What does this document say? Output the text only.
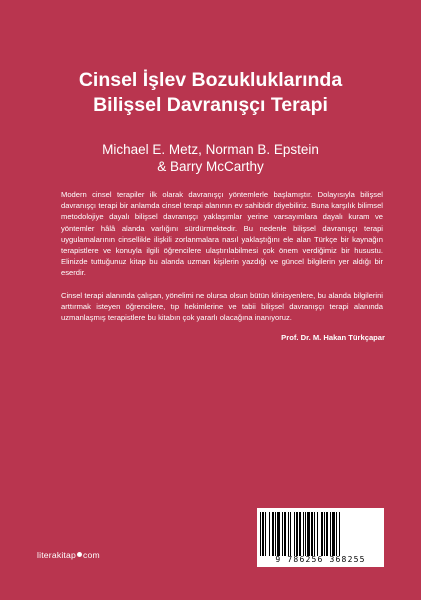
Cinsel İşlev Bozukluklarında
Bilişsel Davranışçı Terapi
Michael E. Metz, Norman B. Epstein
& Barry McCarthy

Modern cinsel terapiler ilk olarak davranışçı yöntemlerle başlamıştır. Dolayısıyla bilişsel davranışçı terapi bir anlamda cinsel terapi alanının ev sahibidir diyebiliriz. Buna karşılık bilimsel metodolojiye dayalı bilişsel davranışçı yaklaşımlar yerine varsayımlara dayalı kuram ve yöntemler hâlâ alanda varlığını sürdürmektedir. Bu nedenle bilişsel davranışçı terapi uygulamalarının cinsellikle ilişkili zorlanmalara nasıl yaklaştığını ele alan Türkçe bir kaynağın terapistlere ve konuyla ilgili öğrencilere ulaştırılabilmesi çok önem verdiğimiz bir husustu. Elinizde tuttuğunuz kitap bu alanda uzman kişilerin yazdığı ve güncel bilgilerin yer aldığı bir eserdir.

Cinsel terapi alanında çalışan, yönelimi ne olursa olsun bütün klinisyenlere, bu alanda bilgilerini arttırmak isteyen öğrencilere, tıp hekimlerine ve tabii bilişsel davranışçı terapi alanında uzmanlaşmış terapistlere bu kitabın çok yararlı olacağına inanıyoruz.

Prof. Dr. M. Hakan Türkçapar
literakitap com	9 786256 368255
